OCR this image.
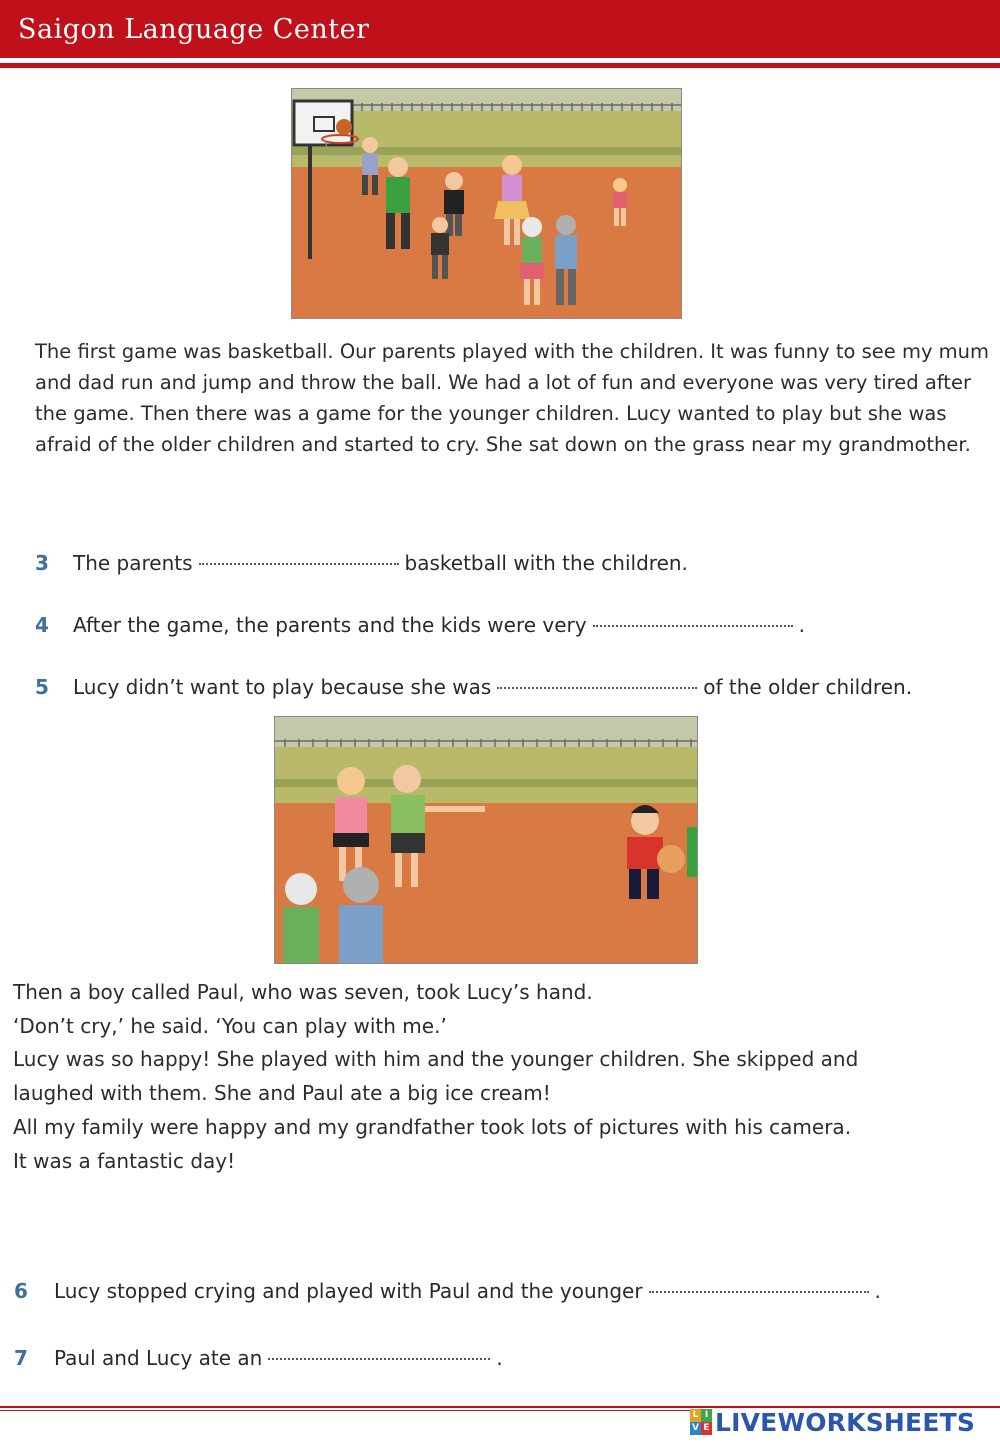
Saigon Language Center

The first game was basketball. Our parents played with the children. It was funny to see my mum and dad run and jump and throw the ball. We had a lot of fun and everyone was very tired after the game. Then there was a game for the younger children. Lucy wanted to play but she was afraid of the older children and started to cry. She sat down on the grass near my grandmother.

3 The parents	basketball with the children.
4 After the game, the parents and the kids were very	.
5 Lucy didn’t want to play because she was	of the older children.
Then a boy called Paul, who was seven, took Lucy’s hand.
‘Don’t cry,’ he said. ‘You can play with me.’
Lucy was so happy! She played with him and the younger children. She skipped and
laughed with them. She and Paul ate a big ice cream!
All my family were happy and my grandfather took lots of pictures with his camera.
It was a fantastic day!
6 Lucy stopped crying and played with Paul and the younger	.
7 Paul and Lucy ate an	.
L I
V E LIVEWORKSHEETS
